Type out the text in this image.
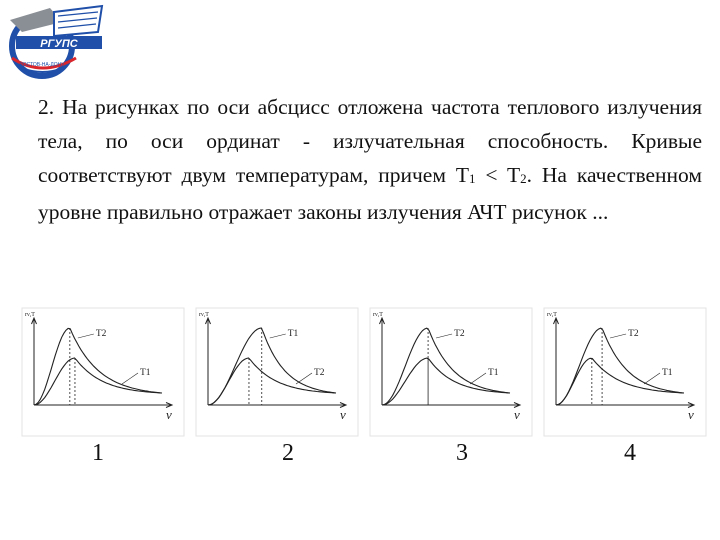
РГУПС
РОСТОВ-НА-ДОНУ

2. На рисунках по оси абсцисс отложена частота теплового излучения тела, по оси ординат - излучательная способность. Кривые соответствуют двум температурам, причем $T_1 < T_2$. На качественном уровне правильно отражает законы излучения АЧТ рисунок ...

rν,T
ν
T2
T1
rν,T
ν
T1
T2
rν,T
ν
T2
T1
rν,T
ν
T2
T1
1	2	3	4
